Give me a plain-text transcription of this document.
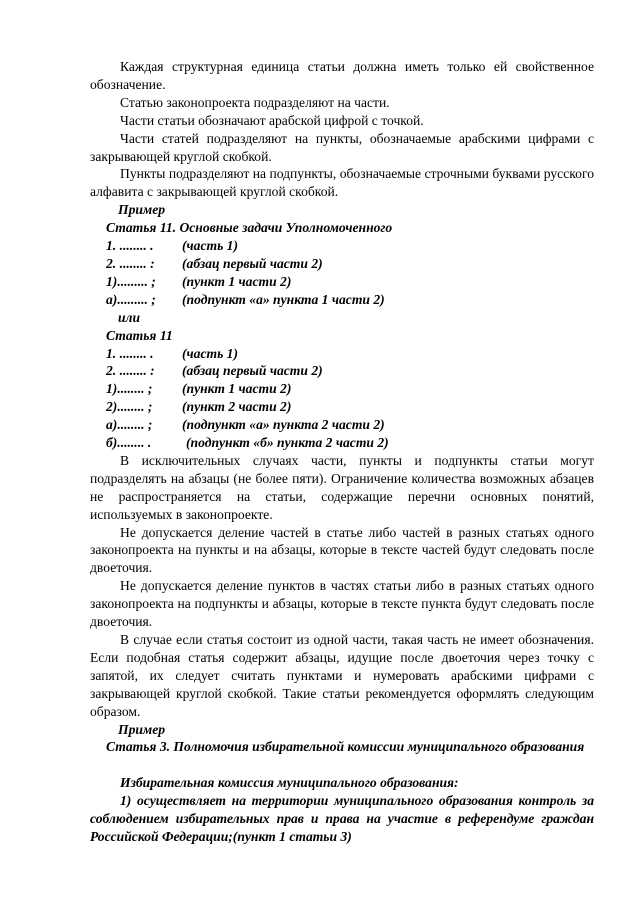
Каждая структурная единица статьи должна иметь только ей свойственное обозначение.

Статью законопроекта подразделяют на части.

Части статьи обозначают арабской цифрой с точкой.

Части статей подразделяют на пункты, обозначаемые арабскими цифрами с закрывающей круглой скобкой.

Пункты подразделяют на подпункты, обозначаемые строчными буквами русского алфавита с закрывающей круглой скобкой.

Пример

Статья 11. Основные задачи Уполномоченного

1. ........ .	(часть 1)
2. ........ :	(абзац первый части 2)
1)......... ;	(пункт 1 части 2)
а)......... ;	(подпункт «а» пункта 1 части 2)

или

Статья 11

1. ........ .	(часть 1)
2. ........ :	(абзац первый части 2)
1)........ ;	(пункт 1 части 2)
2)........ ;	(пункт 2 части 2)
а)........ ;	(подпункт «а» пункта 2 части 2)
б)........ .	(подпункт «б» пункта 2 части 2)

В исключительных случаях части, пункты и подпункты статьи могут подразделять на абзацы (не более пяти). Ограничение количества возможных абзацев не распространяется на статьи, содержащие перечни основных понятий, используемых в законопроекте.

Не допускается деление частей в статье либо частей в разных статьях одного законопроекта на пункты и на абзацы, которые в тексте частей будут следовать после двоеточия.

Не допускается деление пунктов в частях статьи либо в разных статьях одного законопроекта на подпункты и абзацы, которые в тексте пункта будут следовать после двоеточия.

В случае если статья состоит из одной части, такая часть не имеет обозначения. Если подобная статья содержит абзацы, идущие после двоеточия через точку с запятой, их следует считать пунктами и нумеровать арабскими цифрами с закрывающей круглой скобкой. Такие статьи рекомендуется оформлять следующим образом.

Пример

Статья 3. Полномочия избирательной комиссии муниципального образования

Избирательная комиссия муниципального образования:

1) осуществляет на территории муниципального образования контроль за соблюдением избирательных прав и права на участие в референдуме граждан Российской Федерации;(пункт 1 статьи 3)
